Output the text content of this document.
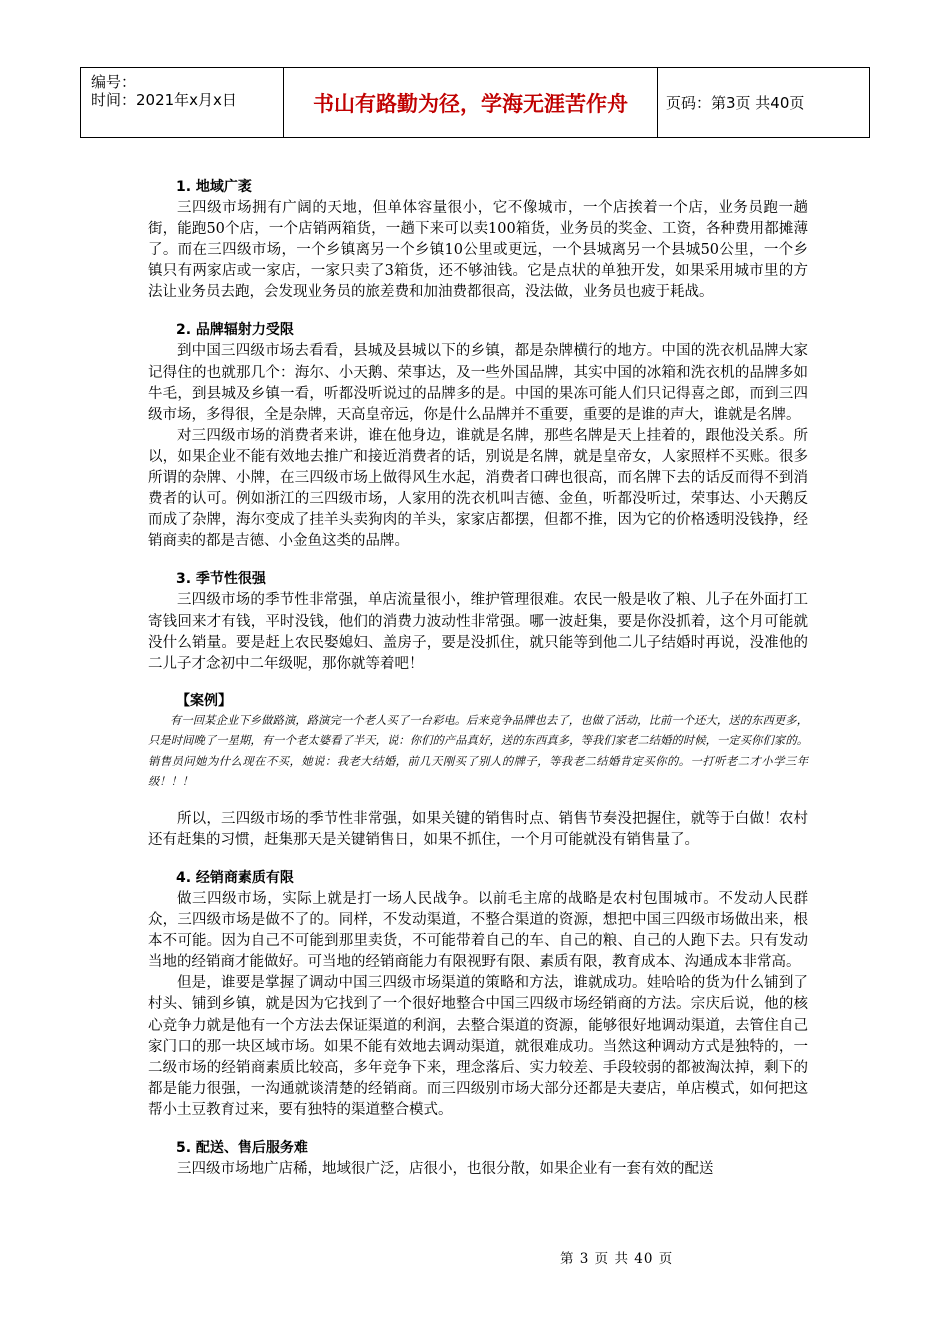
编号：
时间：2021年x月x日	书山有路勤为径，学海无涯苦作舟	页码：第3页 共40页
1. 地域广袤

三四级市场拥有广阔的天地，但单体容量很小，它不像城市，一个店挨着一个店，业务员跑一趟街，能跑50个店，一个店销两箱货，一趟下来可以卖100箱货，业务员的奖金、工资，各种费用都摊薄了。而在三四级市场，一个乡镇离另一个乡镇10公里或更远，一个县城离另一个县城50公里，一个乡镇只有两家店或一家店，一家只卖了3箱货，还不够油钱。它是点状的单独开发，如果采用城市里的方法让业务员去跑，会发现业务员的旅差费和加油费都很高，没法做，业务员也疲于耗战。

2. 品牌辐射力受限

到中国三四级市场去看看，县城及县城以下的乡镇，都是杂牌横行的地方。中国的洗衣机品牌大家记得住的也就那几个：海尔、小天鹅、荣事达，及一些外国品牌，其实中国的冰箱和洗衣机的品牌多如牛毛，到县城及乡镇一看，听都没听说过的品牌多的是。中国的果冻可能人们只记得喜之郎，而到三四级市场，多得很，全是杂牌，天高皇帝远，你是什么品牌并不重要，重要的是谁的声大，谁就是名牌。

对三四级市场的消费者来讲，谁在他身边，谁就是名牌，那些名牌是天上挂着的，跟他没关系。所以，如果企业不能有效地去推广和接近消费者的话，别说是名牌，就是皇帝女，人家照样不买账。很多所谓的杂牌、小牌，在三四级市场上做得风生水起，消费者口碑也很高，而名牌下去的话反而得不到消费者的认可。例如浙江的三四级市场，人家用的洗衣机叫吉德、金鱼，听都没听过，荣事达、小天鹅反而成了杂牌，海尔变成了挂羊头卖狗肉的羊头，家家店都摆，但都不推，因为它的价格透明没钱挣，经销商卖的都是吉德、小金鱼这类的品牌。

3. 季节性很强

三四级市场的季节性非常强，单店流量很小，维护管理很难。农民一般是收了粮、儿子在外面打工寄钱回来才有钱，平时没钱，他们的消费力波动性非常强。哪一波赶集，要是你没抓着，这个月可能就没什么销量。要是赶上农民娶媳妇、盖房子，要是没抓住，就只能等到他二儿子结婚时再说，没准他的二儿子才念初中二年级呢，那你就等着吧！

【案例】

有一回某企业下乡做路演，路演完一个老人买了一台彩电。后来竞争品牌也去了，也做了活动，比前一个还大，送的东西更多，只是时间晚了一星期，有一个老太婆看了半天，说：你们的产品真好，送的东西真多，等我们家老二结婚的时候，一定买你们家的。销售员问她为什么现在不买，她说：我老大结婚，前几天刚买了别人的牌子，等我老二结婚肯定买你的。一打听老二才小学三年级！！！

所以，三四级市场的季节性非常强，如果关键的销售时点、销售节奏没把握住，就等于白做！农村还有赶集的习惯，赶集那天是关键销售日，如果不抓住，一个月可能就没有销售量了。

4. 经销商素质有限

做三四级市场，实际上就是打一场人民战争。以前毛主席的战略是农村包围城市。不发动人民群众，三四级市场是做不了的。同样，不发动渠道，不整合渠道的资源，想把中国三四级市场做出来，根本不可能。因为自己不可能到那里卖货，不可能带着自己的车、自己的粮、自己的人跑下去。只有发动当地的经销商才能做好。可当地的经销商能力有限视野有限、素质有限，教育成本、沟通成本非常高。

但是，谁要是掌握了调动中国三四级市场渠道的策略和方法，谁就成功。娃哈哈的货为什么铺到了村头、铺到乡镇，就是因为它找到了一个很好地整合中国三四级市场经销商的方法。宗庆后说，他的核心竞争力就是他有一个方法去保证渠道的利润，去整合渠道的资源，能够很好地调动渠道，去管住自己家门口的那一块区域市场。如果不能有效地去调动渠道，就很难成功。当然这种调动方式是独特的，一二级市场的经销商素质比较高，多年竞争下来，理念落后、实力较差、手段较弱的都被淘汰掉，剩下的都是能力很强，一沟通就谈清楚的经销商。而三四级别市场大部分还都是夫妻店，单店模式，如何把这帮小土豆教育过来，要有独特的渠道整合模式。

5. 配送、售后服务难

三四级市场地广店稀，地域很广泛，店很小，也很分散，如果企业有一套有效的配送

第 3 页 共 40 页
